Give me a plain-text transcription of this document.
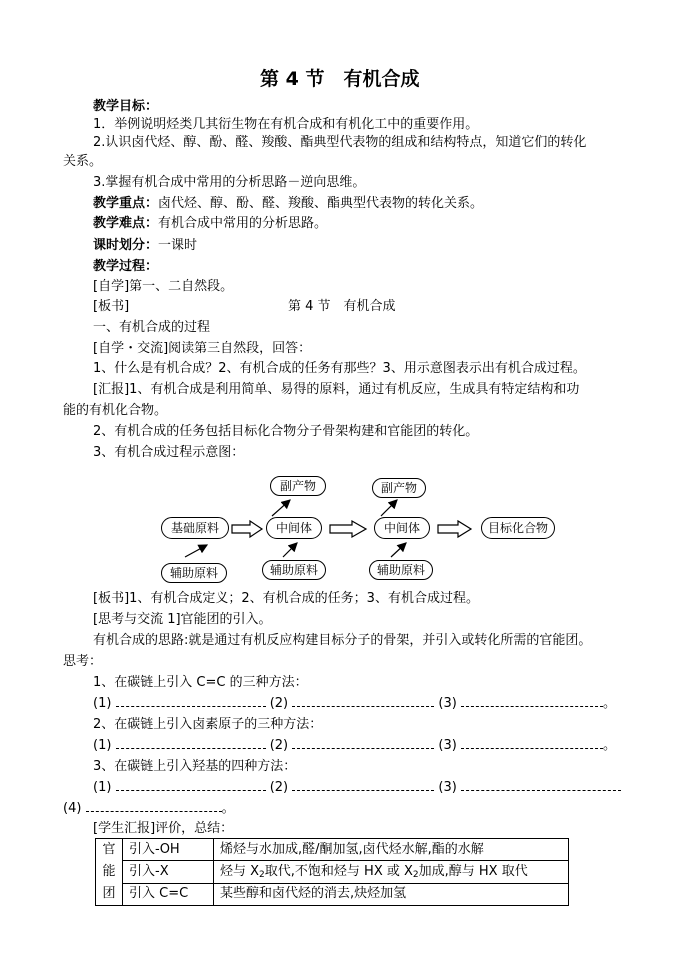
第 4 节　有机合成
教学目标：
1．举例说明烃类几其衍生物在有机合成和有机化工中的重要作用。
2.认识卤代烃、醇、酚、醛、羧酸、酯典型代表物的组成和结构特点，知道它们的转化
关系。
3.掌握有机合成中常用的分析思路－逆向思维。
教学重点：卤代烃、醇、酚、醛、羧酸、酯典型代表物的转化关系。
教学难点：有机合成中常用的分析思路。
课时划分：一课时
教学过程：
[自学]第一、二自然段。
[板书]	第 4 节　有机合成
一、有机合成的过程
[自学・交流]阅读第三自然段，回答：
1、什么是有机合成？2、有机合成的任务有那些？3、用示意图表示出有机合成过程。
[汇报]1、有机合成是利用简单、易得的原料，通过有机反应，生成具有特定结构和功
能的有机化合物。
2、有机合成的任务包括目标化合物分子骨架构建和官能团的转化。
3、有机合成过程示意图：
副产物	副产物
基础原料	中间体	中间体	目标化合物
辅助原料	辅助原料	辅助原料
[板书]1、有机合成定义；2、有机合成的任务；3、有机合成过程。
[思考与交流 1]官能团的引入。
有机合成的思路:就是通过有机反应构建目标分子的骨架，并引入或转化所需的官能团。
思考：
1、在碳链上引入 C=C 的三种方法：
(1)	(2)	(3)	。
2、在碳链上引入卤素原子的三种方法：
(1)	(2)	(3)	。
3、在碳链上引入羟基的四种方法：
(1)	(2)	(3)
(4)	。
[学生汇报]评价，总结：
官
能
团	引入-OH	烯烃与水加成,醛/酮加氢,卤代烃水解,酯的水解
	引入-X	烃与 $X_2$取代,不饱和烃与 HX 或 $X_2$加成,醇与 HX 取代
	引入 C=C	某些醇和卤代烃的消去,炔烃加氢
